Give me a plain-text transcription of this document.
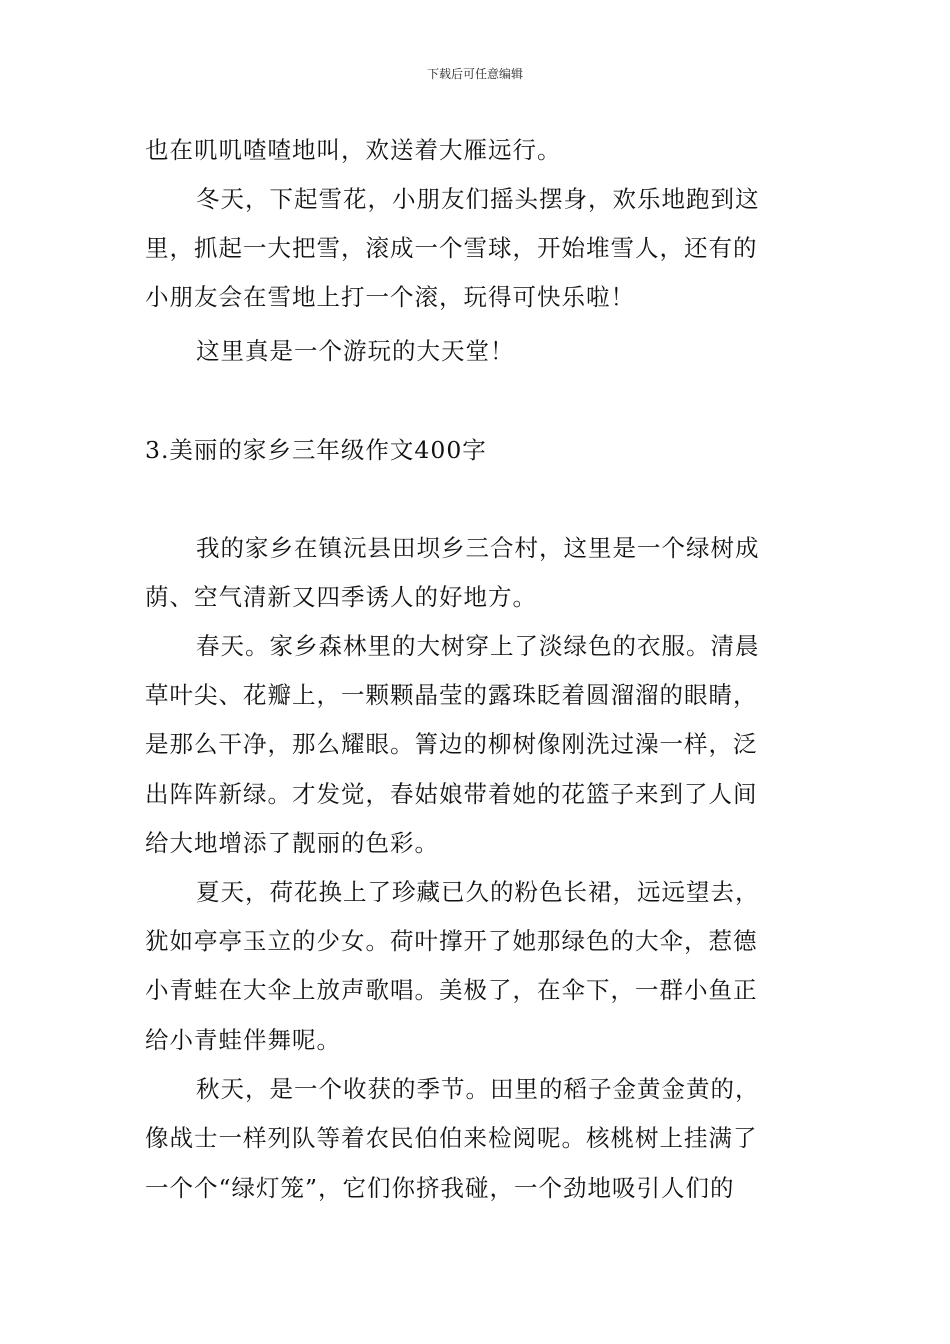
下载后可任意编辑
也在叽叽喳喳地叫，欢送着大雁远行。
冬天，下起雪花，小朋友们摇头摆身，欢乐地跑到这
里，抓起一大把雪，滚成一个雪球，开始堆雪人，还有的
小朋友会在雪地上打一个滚，玩得可快乐啦！
这里真是一个游玩的大天堂！
3.美丽的家乡三年级作文400字
我的家乡在镇沅县田坝乡三合村，这里是一个绿树成
荫、空气清新又四季诱人的好地方。
春天。家乡森林里的大树穿上了淡绿色的衣服。清晨
草叶尖、花瓣上，一颗颗晶莹的露珠眨着圆溜溜的眼睛，
是那么干净，那么耀眼。箐边的柳树像刚洗过澡一样，泛
出阵阵新绿。才发觉，春姑娘带着她的花篮子来到了人间
给大地增添了靓丽的色彩。
夏天，荷花换上了珍藏已久的粉色长裙，远远望去，
犹如亭亭玉立的少女。荷叶撑开了她那绿色的大伞，惹德
小青蛙在大伞上放声歌唱。美极了，在伞下，一群小鱼正
给小青蛙伴舞呢。
秋天，是一个收获的季节。田里的稻子金黄金黄的，
像战士一样列队等着农民伯伯来检阅呢。核桃树上挂满了
一个个“绿灯笼”，它们你挤我碰，一个劲地吸引人们的
